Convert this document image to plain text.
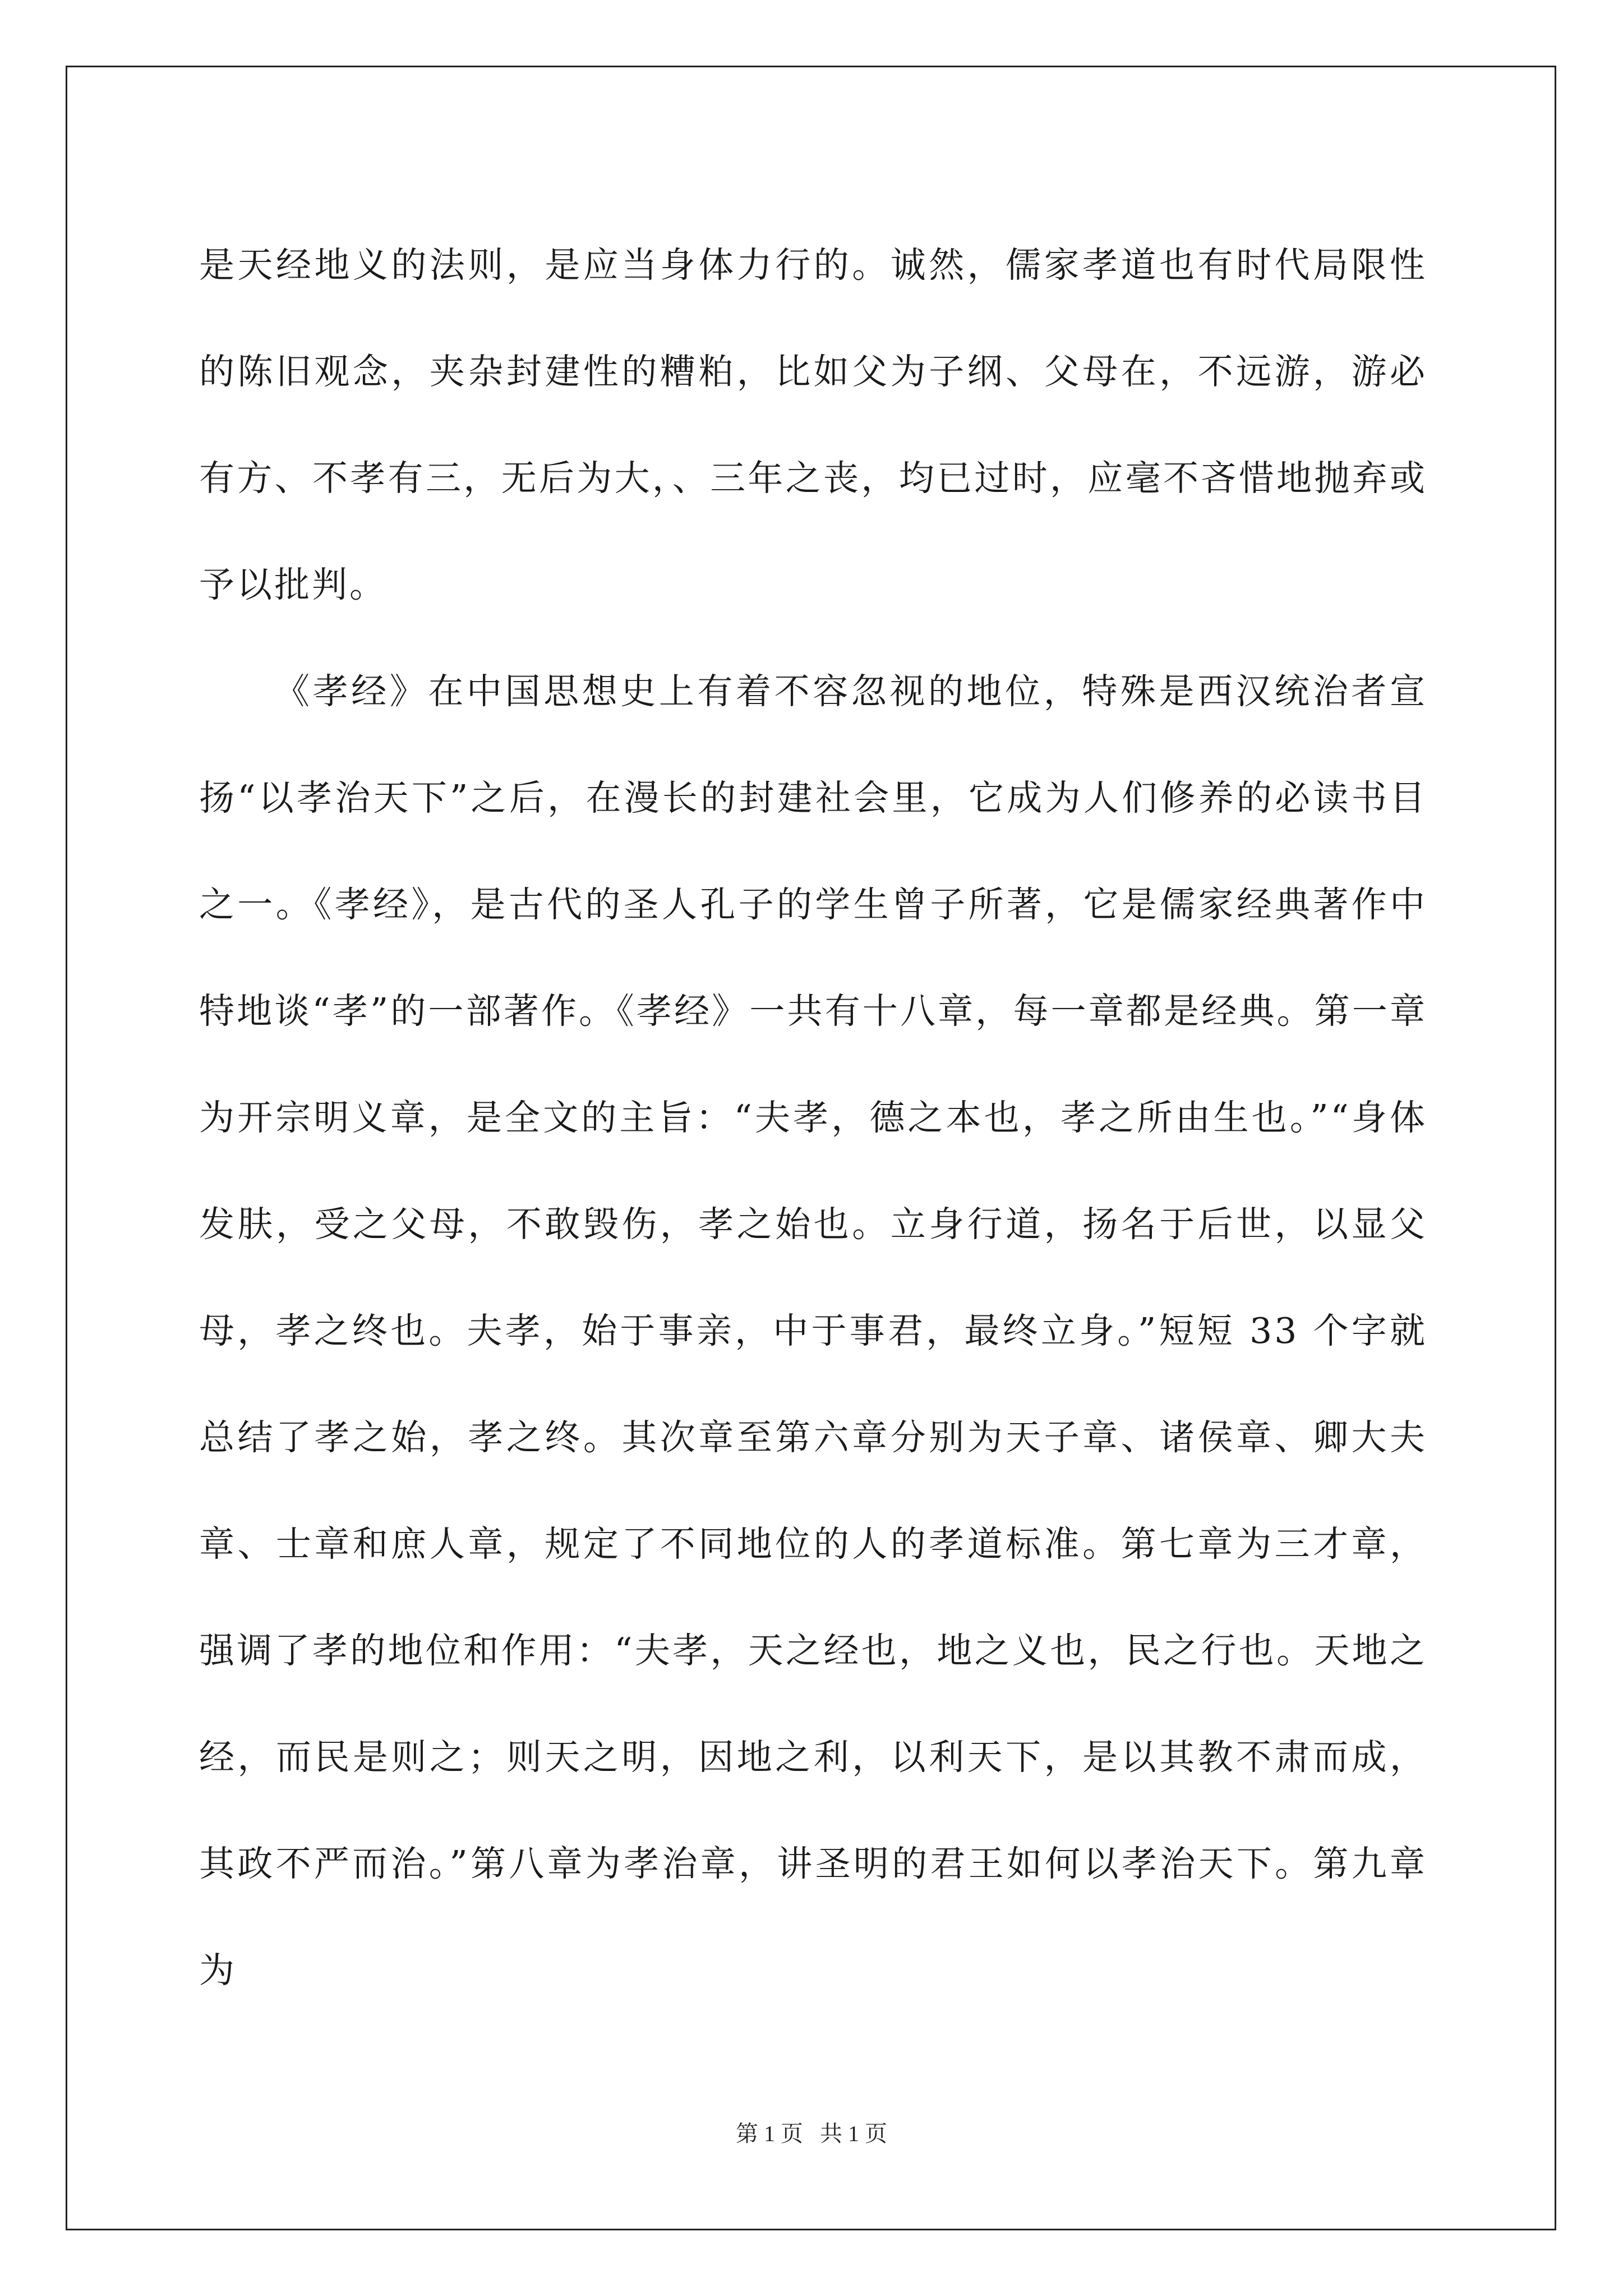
是天经地义的法则，是应当身体力行的。诚然，儒家孝道也有时代局限性的陈旧观念，夹杂封建性的糟粕，比如父为子纲、父母在，不远游，游必有方、不孝有三，无后为大，、三年之丧，均已过时，应毫不吝惜地抛弃或予以批判。

《孝经》在中国思想史上有着不容忽视的地位，特殊是西汉统治者宣扬“以孝治天下”之后，在漫长的封建社会里，它成为人们修养的必读书目之一。《孝经》，是古代的圣人孔子的学生曾子所著，它是儒家经典著作中特地谈“孝”的一部著作。《孝经》一共有十八章，每一章都是经典。第一章为开宗明义章，是全文的主旨：“夫孝，德之本也，孝之所由生也。”“身体发肤，受之父母，不敢毁伤，孝之始也。立身行道，扬名于后世，以显父母，孝之终也。夫孝，始于事亲，中于事君，最终立身。”短短 33 个字就总结了孝之始，孝之终。其次章至第六章分别为天子章、诸侯章、卿大夫章、士章和庶人章，规定了不同地位的人的孝道标准。第七章为三才章，强调了孝的地位和作用：“夫孝，天之经也，地之义也，民之行也。天地之经，而民是则之；则天之明，因地之利，以利天下，是以其教不肃而成，其政不严而治。”第八章为孝治章，讲圣明的君王如何以孝治天下。第九章为

第 1 页   共 1 页
